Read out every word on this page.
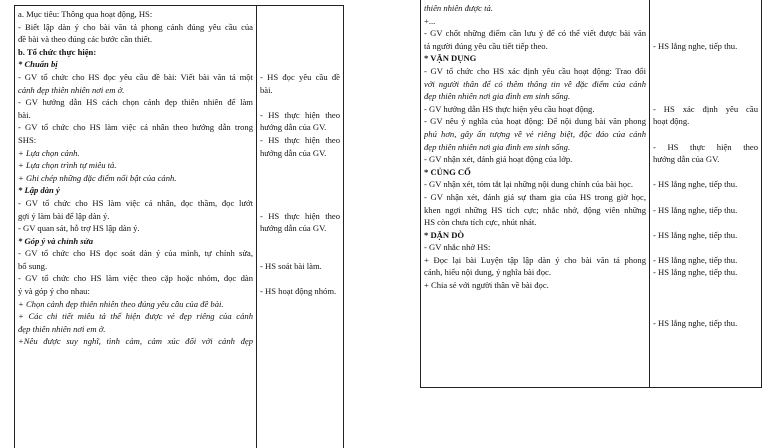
a. Mục tiêu: Thông qua hoạt động, HS:
- Biết lập dàn ý cho bài văn tả phong cảnh đúng yêu cầu của
đề bài và theo đúng các bước cần thiết.
b. Tổ chức thực hiện:
* Chuẩn bị
- GV tổ chức cho HS đọc yêu cầu đề bài: Viết bài văn tả một
cảnh đẹp thiên nhiên nơi em ở.
- GV hướng dẫn HS cách chọn cảnh đẹp thiên nhiên để làm
bài.
- GV tổ chức cho HS làm việc cá nhân theo hướng dẫn trong
SHS:
+ Lựa chọn cảnh.
+ Lựa chọn trình tự miêu tả.
+ Ghi chép những đặc điểm nổi bật của cảnh.
* Lập dàn ý
- GV tổ chức cho HS làm việc cá nhân, đọc thầm, đọc lướt
gợi ý làm bài để lập dàn ý.
- GV quan sát, hỗ trợ HS lập dàn ý.
* Góp ý và chỉnh sửa
- GV tổ chức cho HS đọc soát dàn ý của mình, tự chỉnh sửa,
bổ sung.
- GV tổ chức cho HS làm việc theo cặp hoặc nhóm, đọc dàn
ý và góp ý cho nhau:
+ Chọn cảnh đẹp thiên nhiên theo đúng yêu cầu của đề bài.
+ Các chi tiết miêu tả thể hiện được vẻ đẹp riêng của cảnh
đẹp thiên nhiên nơi em ở.
+Nêu được suy nghĩ, tình cảm, cảm xúc đối với cảnh đẹp
- HS đọc yêu cầu đề
bài.
- HS thực hiện theo
hướng dẫn của GV.
- HS thực hiện theo
hướng dẫn của GV.
- HS thực hiện theo
hướng dẫn của GV.
- HS soát bài làm.
- HS hoạt động nhóm.
thiên nhiên được tả.
+...
- GV chốt những điểm cần lưu ý để có thể viết được bài văn
tả người đúng yêu cầu tiết tiếp theo.
* VẬN DỤNG
- GV tổ chức cho HS xác định yêu cầu hoạt động: Trao đổi
với người thân để có thêm thông tin về đặc điểm của cảnh
đẹp thiên nhiên nơi gia đình em sinh sống.
- GV hướng dẫn HS thực hiện yêu cầu hoạt động.
- GV nêu ý nghĩa của hoạt động: Để nội dung bài văn phong
phú hơn, gây ấn tượng về vẻ riêng biệt, độc đáo của cảnh
đẹp thiên nhiên nơi gia đình em sinh sống.
- GV nhận xét, đánh giá hoạt động của lớp.
* CỦNG CỐ
- GV nhận xét, tóm tắt lại những nội dung chính của bài học.
- GV nhận xét, đánh giá sự tham gia của HS trong giờ học,
khen ngợi những HS tích cực; nhắc nhở, động viên những
HS còn chưa tích cực, nhút nhát.
* DẶN DÒ
- GV nhắc nhở HS:
+ Đọc lại bài Luyện tập lập dàn ý cho bài văn tả phong
cảnh, hiểu nội dung, ý nghĩa bài đọc.
+ Chia sẻ với người thân về bài đọc.
- HS lắng nghe, tiếp thu.
- HS xác định yêu cầu
hoạt động.
- HS thực hiện theo
hướng dẫn của GV.
- HS lắng nghe, tiếp thu.
- HS lắng nghe, tiếp thu.
- HS lắng nghe, tiếp thu.
- HS lắng nghe, tiếp thu.
- HS lắng nghe, tiếp thu.
- HS lắng nghe, tiếp thu.
